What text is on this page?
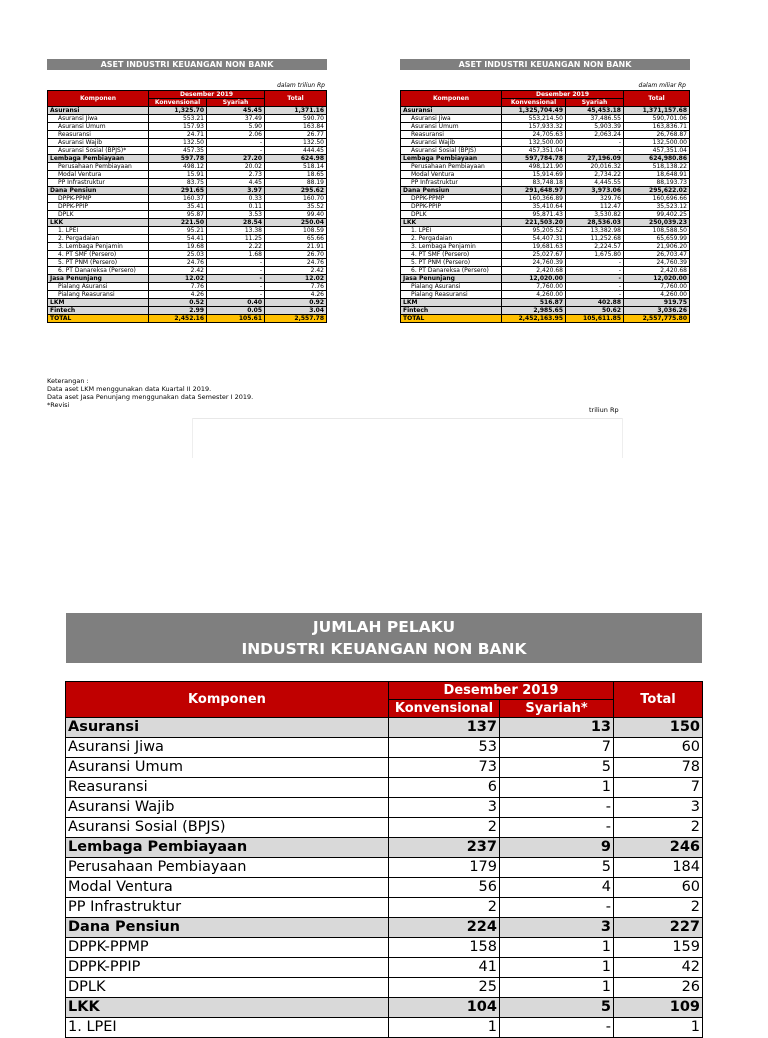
ASET INDUSTRI KEUANGAN NON BANK
dalam triliun Rp
Komponen	Desember 2019		Total
	Konvensional	Syariah	
Asuransi	1,325.70	45.45	1,371.16
Asuransi Jiwa	553.21	37.49	590.70
Asuransi Umum	157.93	5.90	163.84
Reasuransi	24.71	2.06	26.77
Asuransi Wajib	132.50	-	132.50
Asuransi Sosial (BPJS)*	457.35	-	444.45
Lembaga Pembiayaan	597.78	27.20	624.98
Perusahaan Pembiayaan	498.12	20.02	518.14
Modal Ventura	15.91	2.73	18.65
PP Infrastruktur	83.75	4.45	88.19
Dana Pensiun	291.65	3.97	295.62
DPPK-PPMP	160.37	0.33	160.70
DPPK-PPIP	35.41	0.11	35.52
DPLK	95.87	3.53	99.40
LKK	221.50	28.54	250.04
1. LPEI	95.21	13.38	108.59
2. Pergadaian	54.41	11.25	65.66
3. Lembaga Penjamin	19.68	2.22	21.91
4. PT SMF (Persero)	25.03	1.68	26.70
5. PT PNM (Persero)	24.76	-	24.76
6. PT Danareksa (Persero)	2.42	-	2.42
Jasa Penunjang	12.02	-	12.02
Pialang Asuransi	7.76	-	7.76
Pialang Reasuransi	4.26	-	4.26
LKM	0.52	0.40	0.92
Fintech	2.99	0.05	3.04
TOTAL	2,452.16	105.61	2,557.78
ASET INDUSTRI KEUANGAN NON BANK
dalam miliar Rp
Komponen	Desember 2019		Total
	Konvensional	Syariah	
Asuransi	1,325,704.49	45,453.18	1,371,157.68
Asuransi Jiwa	553,214.50	37,486.55	590,701.06
Asuransi Umum	157,933.32	5,903.39	163,836.71
Reasuransi	24,705.63	2,063.24	26,768.87
Asuransi Wajib	132,500.00	-	132,500.00
Asuransi Sosial (BPJS)	457,351.04	-	457,351.04
Lembaga Pembiayaan	597,784.78	27,196.09	624,980.86
Perusahaan Pembiayaan	498,121.90	20,016.32	518,138.22
Modal Ventura	15,914.69	2,734.22	18,648.91
PP Infrastruktur	83,748.18	4,445.55	88,193.73
Dana Pensiun	291,648.97	3,973.06	295,622.02
DPPK-PPMP	160,366.89	329.76	160,696.66
DPPK-PPIP	35,410.64	112.47	35,523.12
DPLK	95,871.43	3,530.82	99,402.25
LKK	221,503.20	28,536.03	250,039.23
1. LPEI	95,205.52	13,382.98	108,588.50
2. Pergadaian	54,407.31	11,252.68	65,659.99
3. Lembaga Penjamin	19,681.63	2,224.57	21,906.20
4. PT SMF (Persero)	25,027.67	1,675.80	26,703.47
5. PT PNM (Persero)	24,760.39	-	24,760.39
6. PT Danareksa (Persero)	2,420.68	-	2,420.68
Jasa Penunjang	12,020.00	-	12,020.00
Pialang Asuransi	7,760.00	-	7,760.00
Pialang Reasuransi	4,260.00	-	4,260.00
LKM	516.87	402.88	919.75
Fintech	2,985.65	50.62	3,036.26
TOTAL	2,452,163.95	105,611.85	2,557,775.80
Keterangan :
Data aset LKM menggunakan data Kuartal II 2019.
Data aset Jasa Penunjang menggunakan data Semester I 2019.
*Revisi
triliun Rp
JUMLAH PELAKU
INDUSTRI KEUANGAN NON BANK
Komponen	Desember 2019		Total
	Konvensional	Syariah*	
Asuransi	137	13	150
Asuransi Jiwa	53	7	60
Asuransi Umum	73	5	78
Reasuransi	6	1	7
Asuransi Wajib	3	-	3
Asuransi Sosial (BPJS)	2	-	2
Lembaga Pembiayaan	237	9	246
Perusahaan Pembiayaan	179	5	184
Modal Ventura	56	4	60
PP Infrastruktur	2	-	2
Dana Pensiun	224	3	227
DPPK-PPMP	158	1	159
DPPK-PPIP	41	1	42
DPLK	25	1	26
LKK	104	5	109
1. LPEI	1	-	1
